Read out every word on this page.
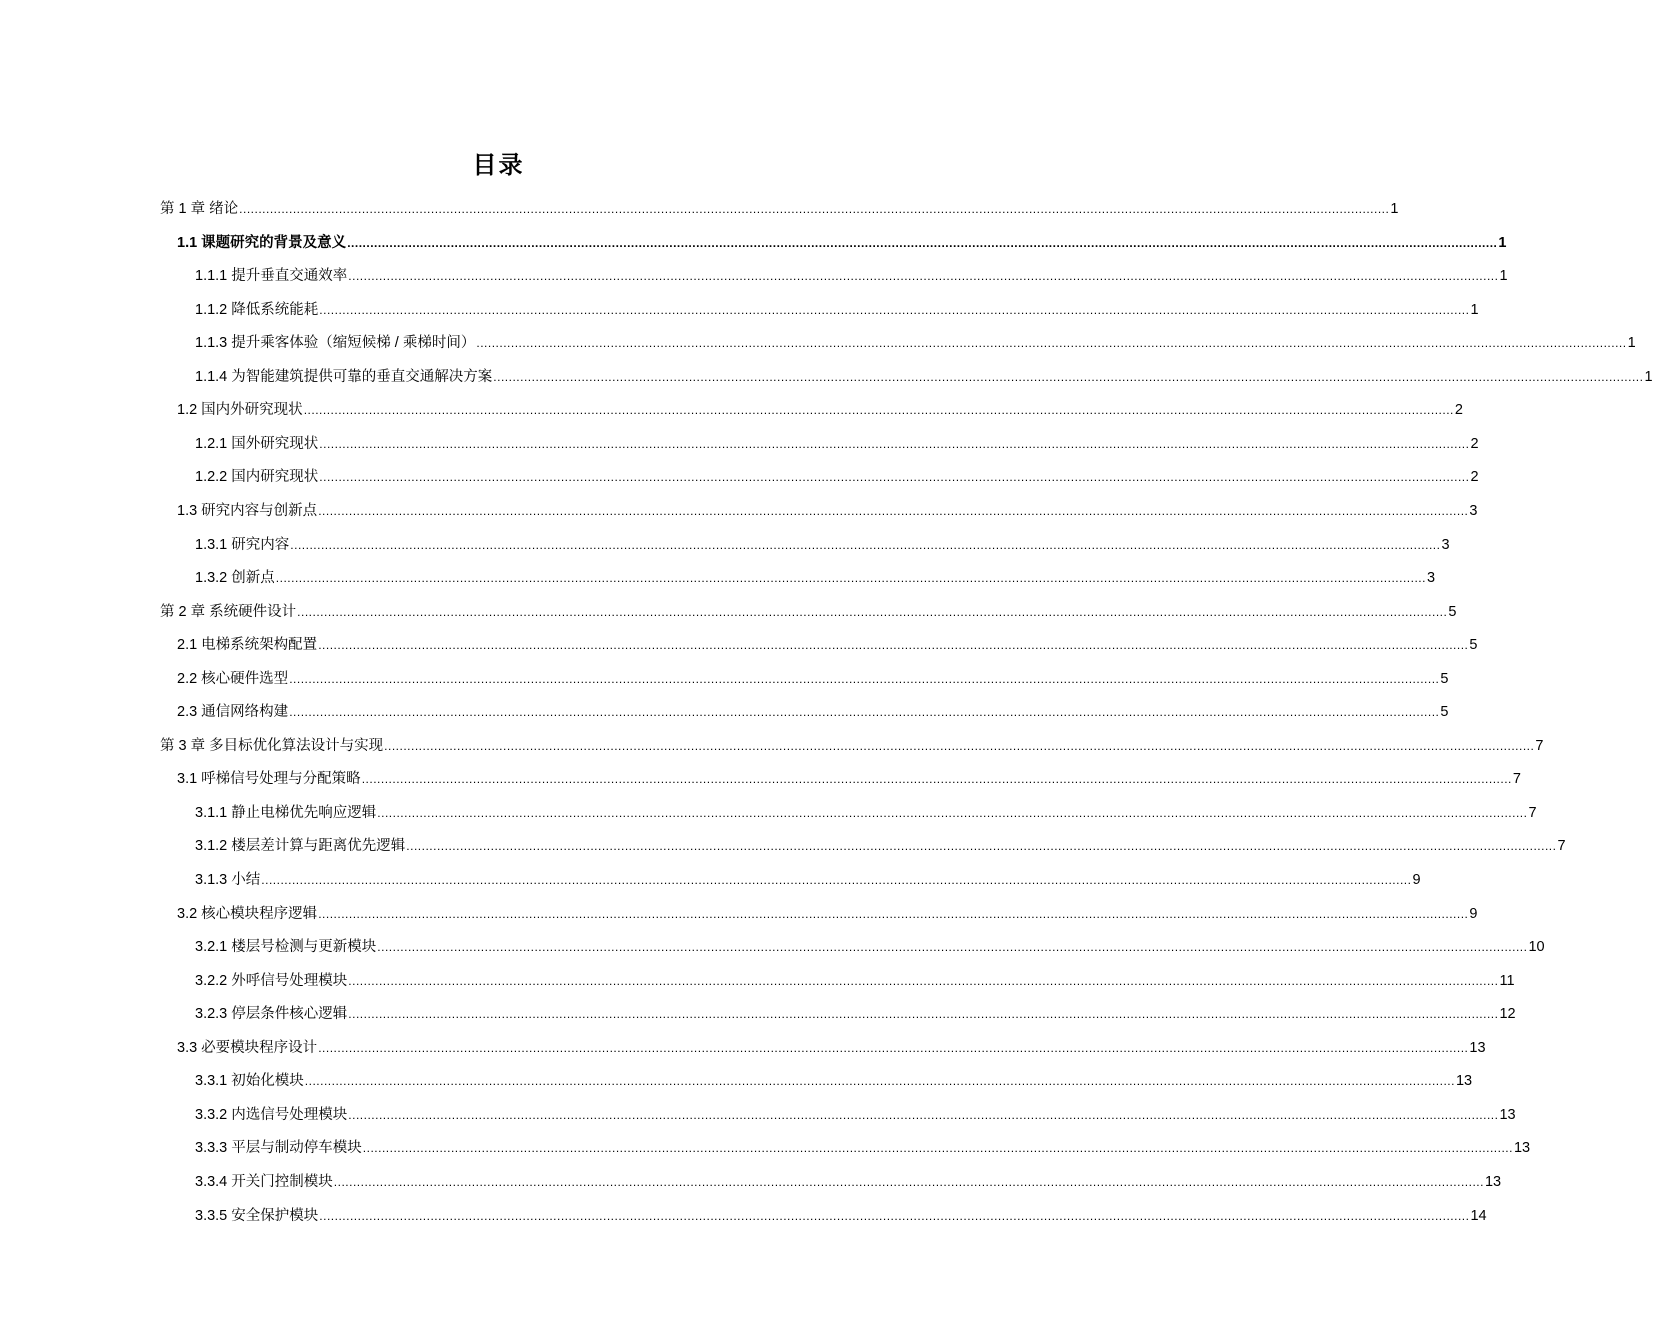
目录
第 1 章 绪论 ............................................................................................................................................................................................................................................................................................................ 1
1.1 课题研究的背景及意义 ............................................................................................................................................................................................................................................................................................................ 1
1.1.1 提升垂直交通效率 ............................................................................................................................................................................................................................................................................................................ 1
1.1.2 降低系统能耗 ............................................................................................................................................................................................................................................................................................................ 1
1.1.3 提升乘客体验（缩短候梯 / 乘梯时间） ............................................................................................................................................................................................................................................................................................................ 1
1.1.4 为智能建筑提供可靠的垂直交通解决方案 ............................................................................................................................................................................................................................................................................................................ 1
1.2 国内外研究现状 ............................................................................................................................................................................................................................................................................................................ 2
1.2.1 国外研究现状 ............................................................................................................................................................................................................................................................................................................ 2
1.2.2 国内研究现状 ............................................................................................................................................................................................................................................................................................................ 2
1.3 研究内容与创新点 ............................................................................................................................................................................................................................................................................................................ 3
1.3.1 研究内容 ............................................................................................................................................................................................................................................................................................................ 3
1.3.2 创新点 ............................................................................................................................................................................................................................................................................................................ 3
第 2 章 系统硬件设计 ............................................................................................................................................................................................................................................................................................................ 5
2.1 电梯系统架构配置 ............................................................................................................................................................................................................................................................................................................ 5
2.2 核心硬件选型 ............................................................................................................................................................................................................................................................................................................ 5
2.3 通信网络构建 ............................................................................................................................................................................................................................................................................................................ 5
第 3 章 多目标优化算法设计与实现 ............................................................................................................................................................................................................................................................................................................ 7
3.1 呼梯信号处理与分配策略 ............................................................................................................................................................................................................................................................................................................ 7
3.1.1 静止电梯优先响应逻辑 ............................................................................................................................................................................................................................................................................................................ 7
3.1.2 楼层差计算与距离优先逻辑 ............................................................................................................................................................................................................................................................................................................ 7
3.1.3 小结 ............................................................................................................................................................................................................................................................................................................ 9
3.2 核心模块程序逻辑 ............................................................................................................................................................................................................................................................................................................ 9
3.2.1 楼层号检测与更新模块 ............................................................................................................................................................................................................................................................................................................ 10
3.2.2 外呼信号处理模块 ............................................................................................................................................................................................................................................................................................................ 11
3.2.3 停层条件核心逻辑 ............................................................................................................................................................................................................................................................................................................ 12
3.3 必要模块程序设计 ............................................................................................................................................................................................................................................................................................................ 13
3.3.1 初始化模块 ............................................................................................................................................................................................................................................................................................................ 13
3.3.2 内选信号处理模块 ............................................................................................................................................................................................................................................................................................................ 13
3.3.3 平层与制动停车模块 ............................................................................................................................................................................................................................................................................................................ 13
3.3.4 开关门控制模块 ............................................................................................................................................................................................................................................................................................................ 13
3.3.5 安全保护模块 ............................................................................................................................................................................................................................................................................................................ 14
